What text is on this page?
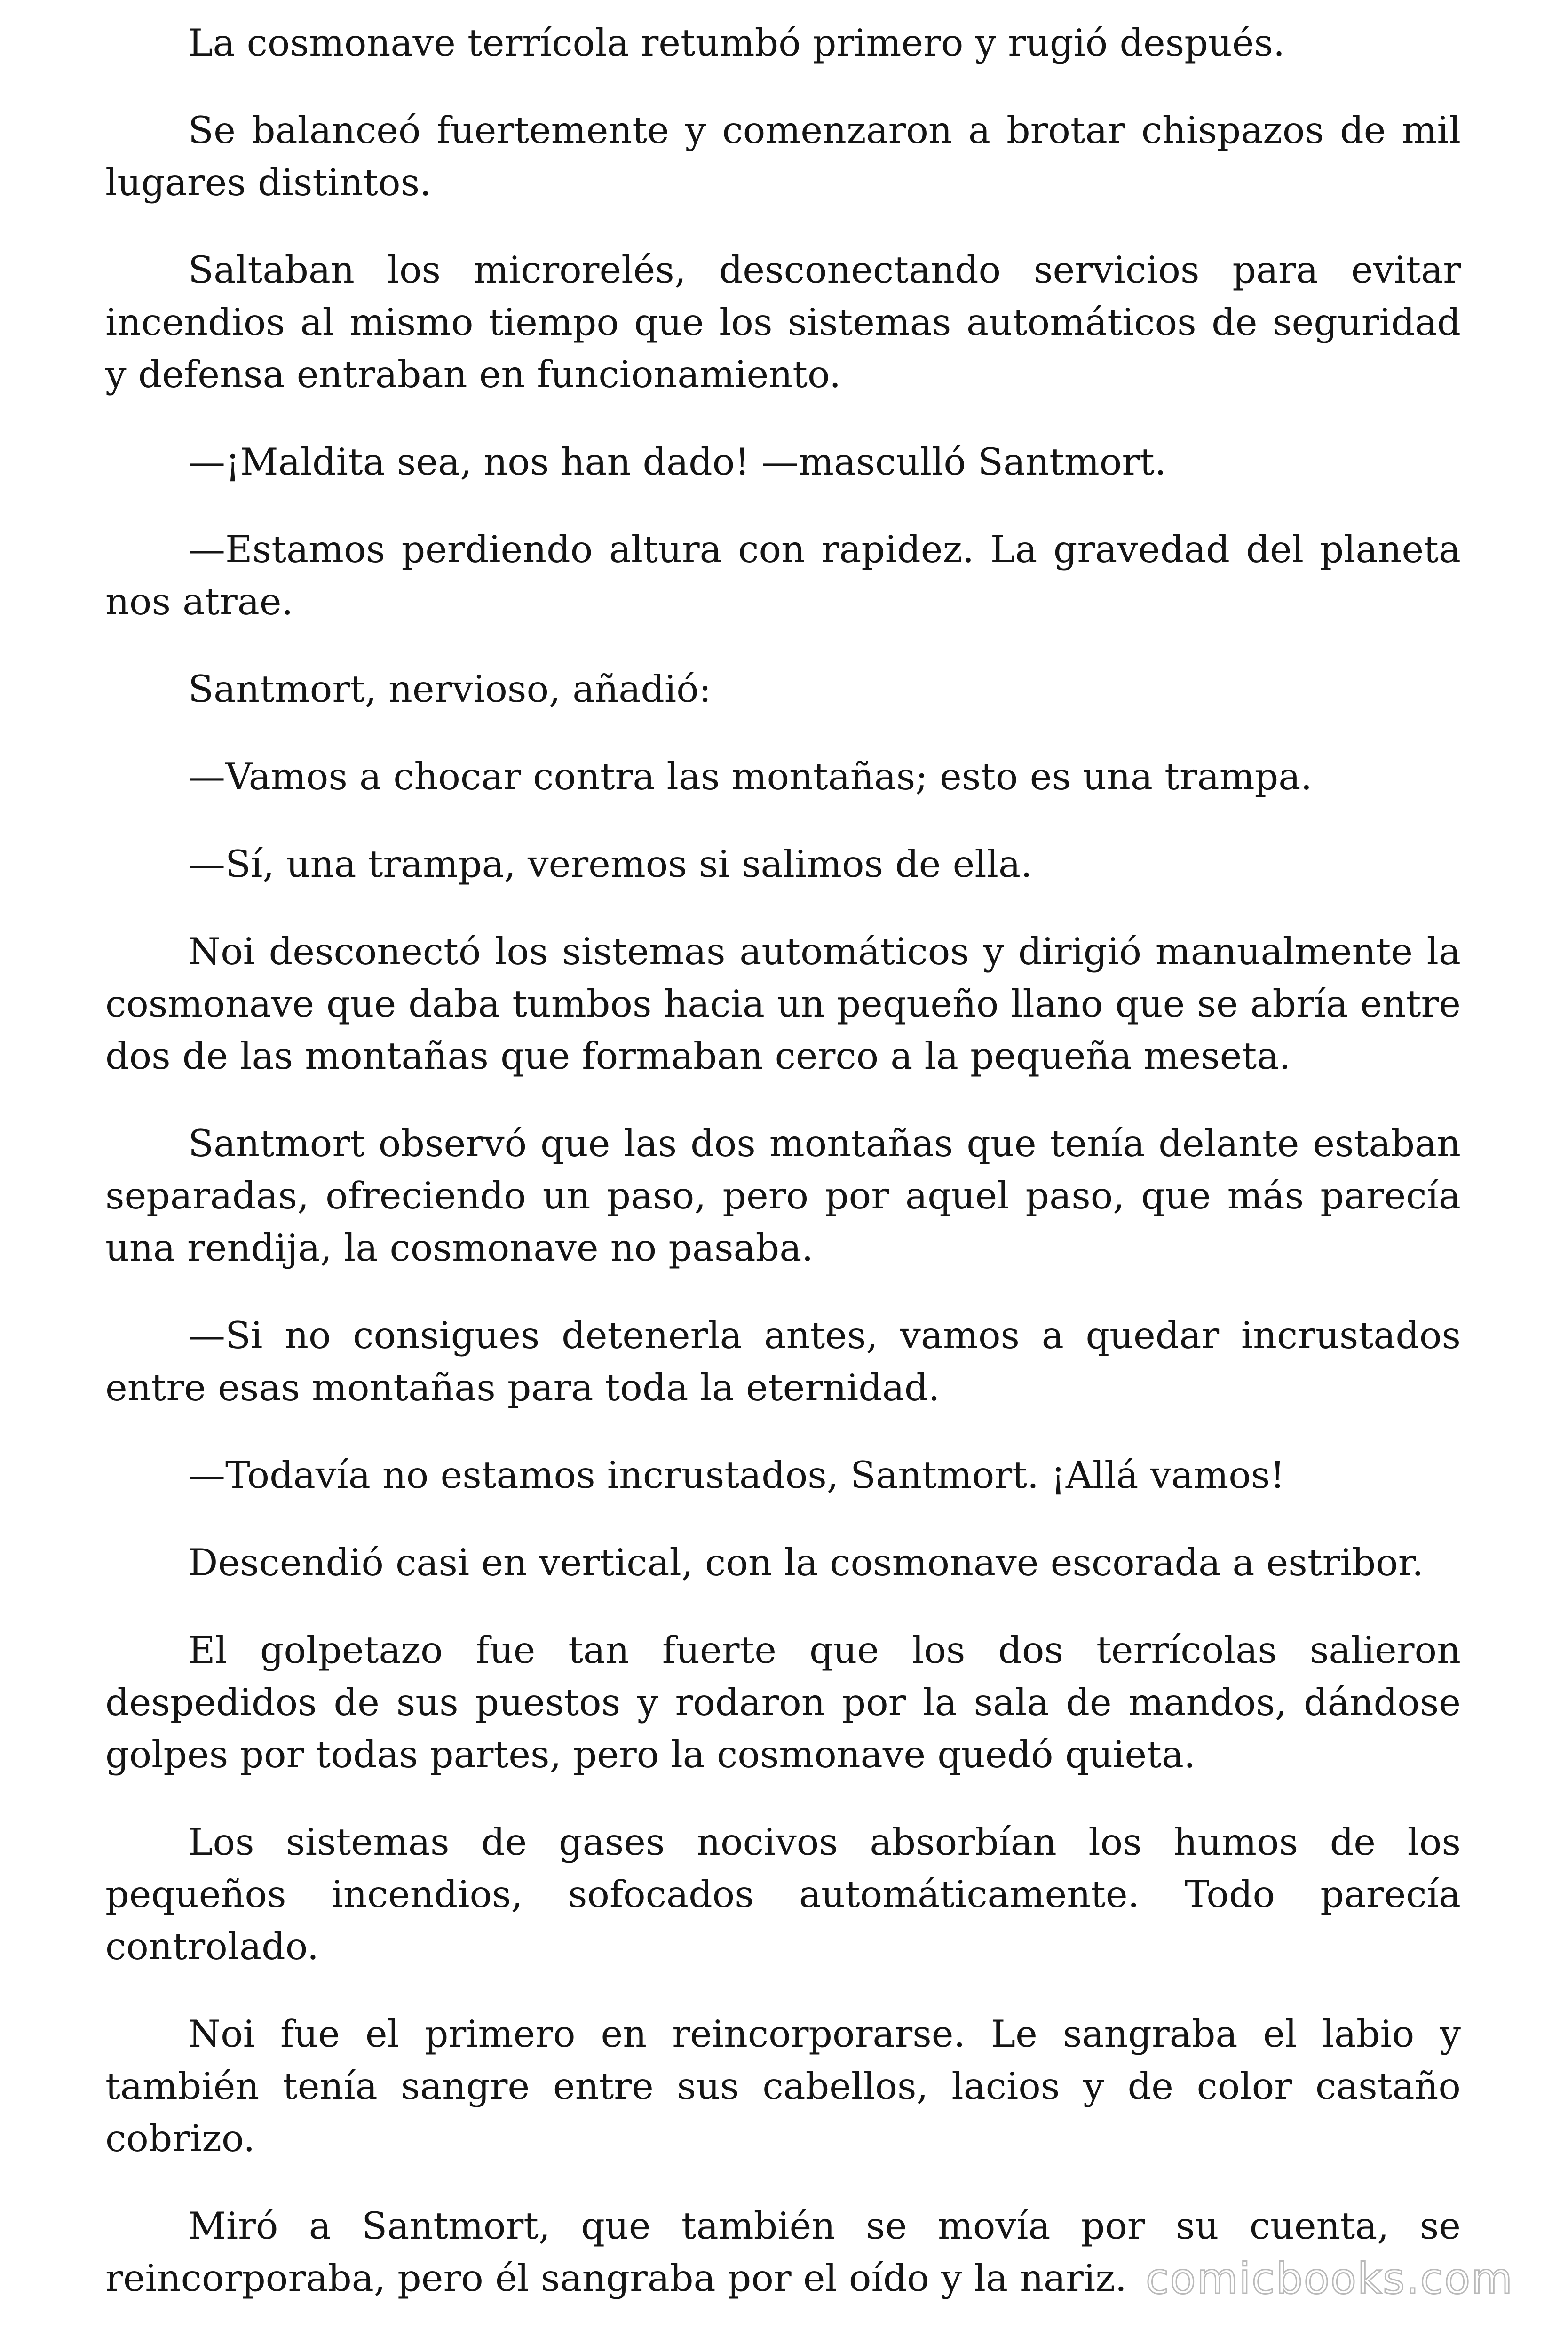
La cosmonave terrícola retumbó primero y rugió después.

Se balanceó fuertemente y comenzaron a brotar chispazos de mil lugares distintos.

Saltaban los microrelés, desconectando servicios para evitar incendios al mismo tiempo que los sistemas automáticos de seguridad y defensa entraban en funcionamiento.

—¡Maldita sea, nos han dado! —masculló Santmort.

—Estamos perdiendo altura con rapidez. La gravedad del planeta nos atrae.

Santmort, nervioso, añadió:

—Vamos a chocar contra las montañas; esto es una trampa.

—Sí, una trampa, veremos si salimos de ella.

Noi desconectó los sistemas automáticos y dirigió manualmente la cosmonave que daba tumbos hacia un pequeño llano que se abría entre dos de las montañas que formaban cerco a la pequeña meseta.

Santmort observó que las dos montañas que tenía delante estaban separadas, ofreciendo un paso, pero por aquel paso, que más parecía una rendija, la cosmonave no pasaba.

—Si no consigues detenerla antes, vamos a quedar incrustados entre esas montañas para toda la eternidad.

—Todavía no estamos incrustados, Santmort. ¡Allá vamos!

Descendió casi en vertical, con la cosmonave escorada a estribor.

El golpetazo fue tan fuerte que los dos terrícolas salieron despedidos de sus puestos y rodaron por la sala de mandos, dándose golpes por todas partes, pero la cosmonave quedó quieta.

Los sistemas de gases nocivos absorbían los humos de los pequeños incendios, sofocados automáticamente. Todo parecía controlado.

Noi fue el primero en reincorporarse. Le sangraba el labio y también tenía sangre entre sus cabellos, lacios y de color castaño cobrizo.

Miró a Santmort, que también se movía por su cuenta, se reincorporaba, pero él sangraba por el oído y la nariz. comicbooks.com
